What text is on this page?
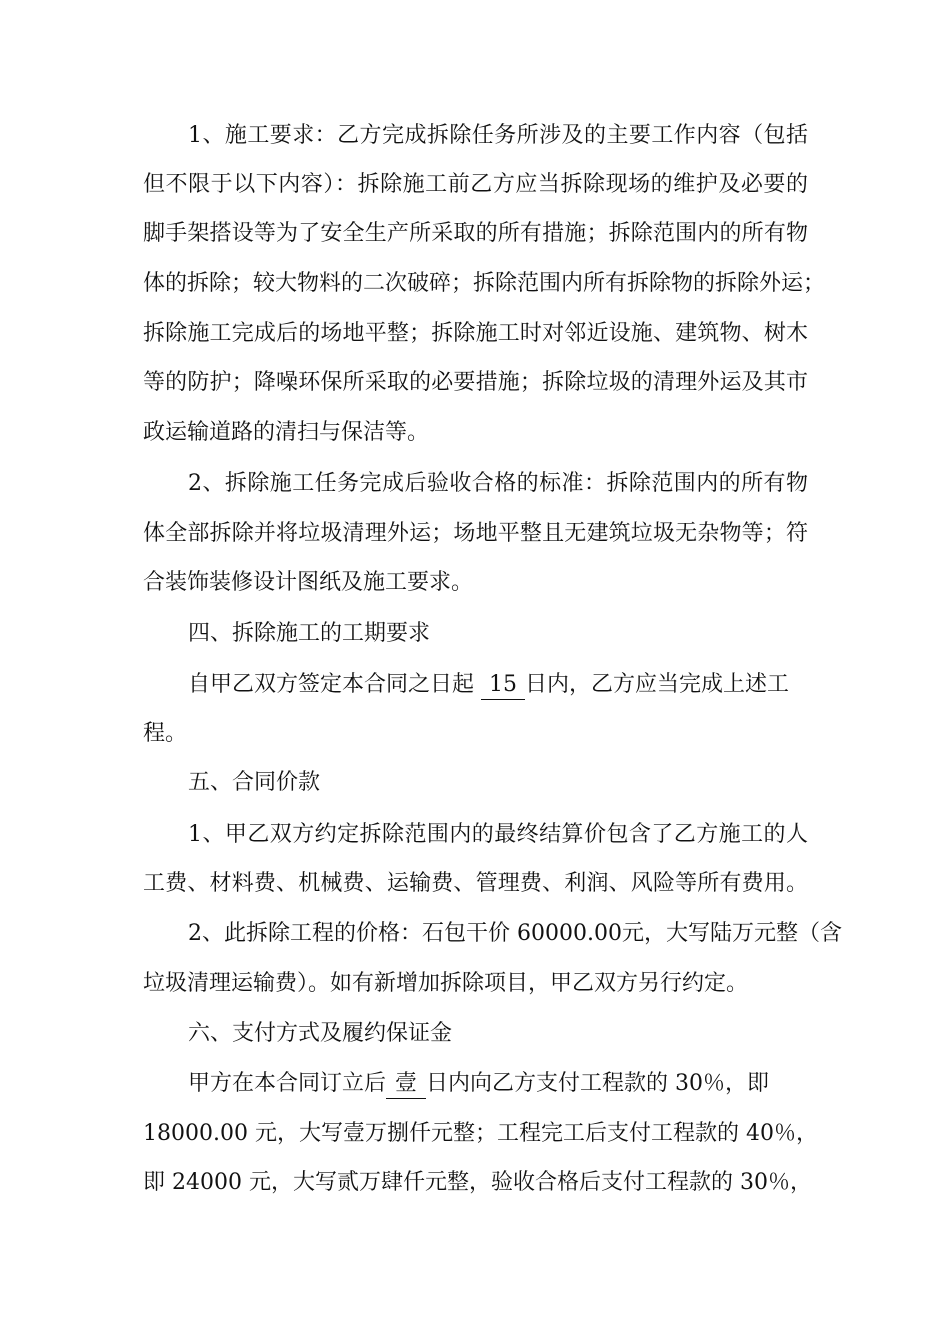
1、施工要求：乙方完成拆除任务所涉及的主要工作内容（包括
但不限于以下内容）：拆除施工前乙方应当拆除现场的维护及必要的
脚手架搭设等为了安全生产所采取的所有措施；拆除范围内的所有物
体的拆除；较大物料的二次破碎；拆除范围内所有拆除物的拆除外运；
拆除施工完成后的场地平整；拆除施工时对邻近设施、建筑物、树木
等的防护；降噪环保所采取的必要措施；拆除垃圾的清理外运及其市
政运输道路的清扫与保洁等。
2、拆除施工任务完成后验收合格的标准：拆除范围内的所有物
体全部拆除并将垃圾清理外运；场地平整且无建筑垃圾无杂物等；符
合装饰装修设计图纸及施工要求。
四、拆除施工的工期要求
自甲乙双方签定本合同之日起 15 日内，乙方应当完成上述工
程。
五、合同价款
1、甲乙双方约定拆除范围内的最终结算价包含了乙方施工的人
工费、材料费、机械费、运输费、管理费、利润、风险等所有费用。
2、此拆除工程的价格：石包干价 60000.00元，大写陆万元整（含
垃圾清理运输费）。如有新增加拆除项目，甲乙双方另行约定。
六、支付方式及履约保证金
甲方在本合同订立后 壹 日内向乙方支付工程款的 30％，即
18000.00 元，大写壹万捌仟元整；工程完工后支付工程款的 40％，
即 24000 元，大写贰万肆仟元整，验收合格后支付工程款的 30％，
